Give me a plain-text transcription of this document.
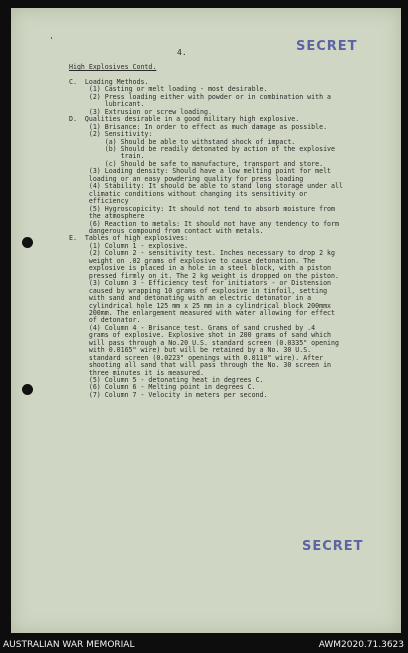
'
4.	SECRET
SECRET
High Explosives Contd.

C.  Loading Methods.
(1) Casting or melt loading - most desirable.
(2) Press loading either with powder or in combination with a
lubricant.
(3) Extrusion or screw loading.
D.  Qualities desirable in a good military high explosive.
(1) Brisance: In order to effect as much damage as possible.
(2) Sensitivity:
(a) Should be able to withstand shock of impact.
(b) Should be readily detonated by action of the explosive
train.
(c) Should be safe to manufacture, transport and store.
(3) Loading density: Should have a low melting point for melt
loading or an easy powdering quality for press loading
(4) Stability: It should be able to stand long storage under all
climatic conditions without changing its sensitivity or
efficiency
(5) Hygroscopicity: It should not tend to absorb moisture from
the atmosphere
(6) Reaction to metals: It should not have any tendency to form
dangerous compound from contact with metals.
E.  Tables of high explosives:
(1) Column 1 - explosive.
(2) Column 2 - sensitivity test. Inches necessary to drop 2 kg
weight on .02 grams of explosive to cause detonation. The
explosive is placed in a hole in a steel block, with a piston
pressed firmly on it. The 2 kg weight is dropped on the piston.
(3) Column 3 - Efficiency test for initiators - or Distension
caused by wrapping 10 grams of explosive in tinfoil, setting
with sand and detonating with an electric detonator in a
cylindrical hole 125 mm x 25 mm in a cylindrical block 200mmx
200mm. The enlargement measured with water allowing for effect
of detonator.
(4) Column 4 - Brisance test. Grams of sand crushed by .4
grams of explosive. Explosive shot in 200 grams of sand which
will pass through a No.20 U.S. standard screen (0.0335" opening
with 0.0165" wire) but will be retained by a No. 30 U.S.
standard screen (0.0223" openings with 0.0110" wire). After
shooting all sand that will pass through the No. 30 screen in
three minutes it is measured.
(5) Column 5 - detonating heat in degrees C.
(6) Column 6 - Melting point in degrees C.
(7) Column 7 - Velocity in meters per second.
AUSTRALIAN WAR MEMORIAL	AWM2020.71.3623
